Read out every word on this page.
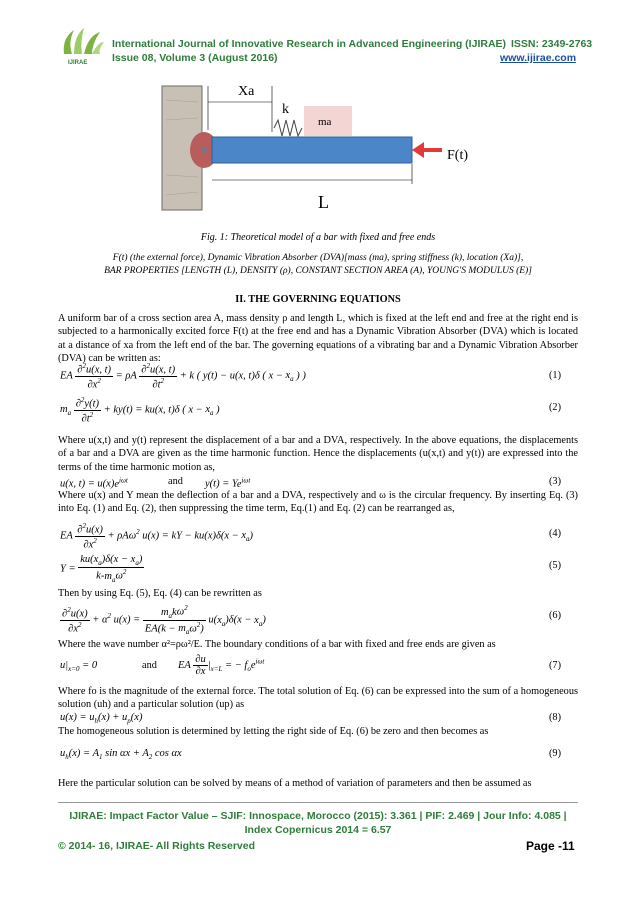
IJIRAE
International Journal of Innovative Research in Advanced Engineering (IJIRAE) ISSN: 2349-2763
Issue 08, Volume 3 (August 2016)	www.ijirae.com
Xa
k
ma
F(t)
L
Fig. 1: Theoretical model of a bar with fixed and free ends
F(t) (the external force), Dynamic Vibration Absorber (DVA)[mass (ma), spring stiffness (k), location (Xa)],
BAR PROPERTIES [LENGTH (L), DENSITY (ρ), CONSTANT SECTION AREA (A), YOUNG'S MODULUS (E)]
II. THE GOVERNING EQUATIONS
A uniform bar of a cross section area A, mass density ρ and length L, which is fixed at the left end and free at the right end is subjected to a harmonically excited force F(t) at the free end and has a Dynamic Vibration Absorber (DVA) which is located at a distance of xa from the left end of the bar. The governing equations of a vibrating bar and a Dynamic Vibration Absorber (DVA) can be written as:
EA $\frac{\partial^2u(x, t)}{\partial x^2} = \rho A \frac{\partial^2u(x, t)}{\partial t^2} + k$ ( y(t) − u(x, t)δ ( $x - x_a$ ) )	(1)
$m_a \frac{\partial^2y(t)}{\partial t^2} + ky(t) = ku(x$, t)δ ( $x - x_a$ )	(2)
Where u(x,t) and y(t) represent the displacement of a bar and a DVA, respectively. In the above equations, the displacements of a bar and a DVA are given as the time harmonic function. Hence the displacements (u(x,t) and y(t)) are expressed into the terms of the time harmonic motion as,
u(x, $t) = u(x)e^{i\omega t}$	and $y(t) = Ye^{i\omega t}$	(3)
Where u(x) and Y mean the deflection of a bar and a DVA, respectively and ω is the circular frequency. By inserting Eq. (3) into Eq. (1) and Eq. (2), then suppressing the time term, Eq.(1) and Eq. (2) can be rearranged as,
EA $\frac{\partial^2u(x)}{\partial x^2} + \rho A\omega^2$ u(x) = kY − $ku(x)\delta(x - x_a)$	(4)
$Y = \frac{ku(x_a)\delta(x - x_a)}{k-m_a\omega^2}$	(5)
Then by using Eq. (5), Eq. (4) can be rewritten as
$\frac{\partial^2u(x)}{\partial x^2} + \alpha^2$ $u(x) = \frac{m_ak\omega^2}{EA(k - m_a\omega^2)} u(x_a)\delta(x - x_a)$	(6)
Where the wave number α²=ρω²/E. The boundary conditions of a bar with fixed and free ends are given as
$u|_{x=0} = 0$	and EA $\frac{\partial u}{\partial x} |_{x=L}$ = − $f_oe^{i\omega t}$	(7)
Where fo is the magnitude of the external force. The total solution of Eq. (6) can be expressed into the sum of a homogeneous solution (uh) and a particular solution (up) as
$u(x) = u_h(x) + u_p(x)$	(8)
The homogeneous solution is determined by letting the right side of Eq. (6) be zero and then becomes as
$u_h(x) = A_1$ $\sin \alpha x + A_2$ cos αx	(9)
Here the particular solution can be solved by means of a method of variation of parameters and then be assumed as
IJIRAE: Impact Factor Value – SJIF: Innospace, Morocco (2015): 3.361 | PIF: 2.469 | Jour Info: 4.085 |
Index Copernicus 2014 = 6.57
© 2014- 16, IJIRAE- All Rights Reserved	Page -11
